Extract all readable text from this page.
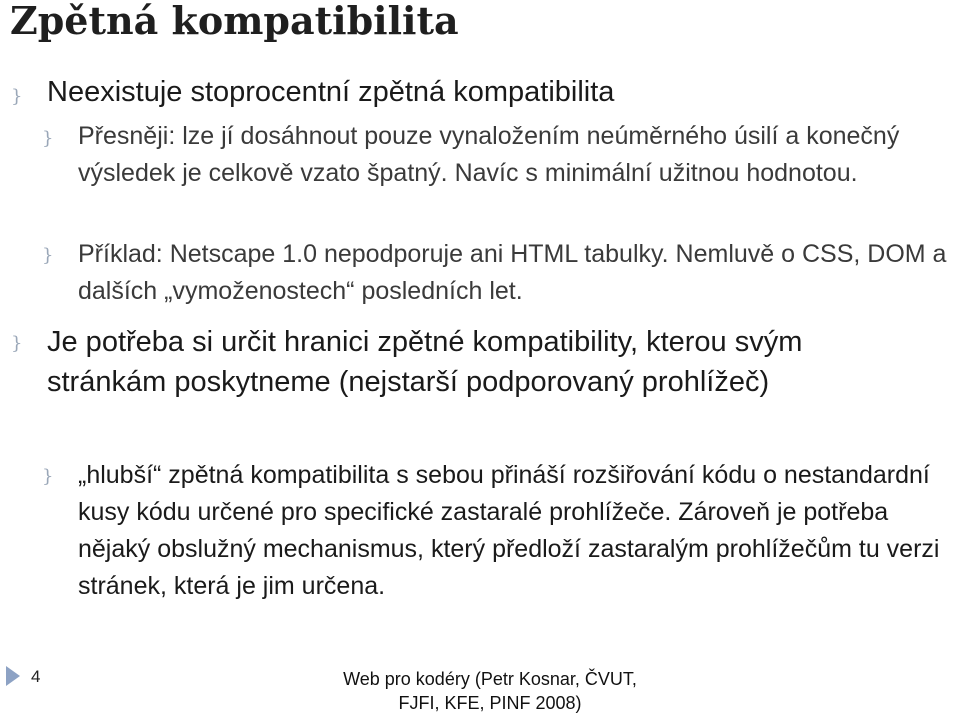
Zpětná kompatibilita
} Neexistuje stoprocentní zpětná kompatibilita
} Přesněji: lze jí dosáhnout pouze vynaložením neúměrného úsilí a konečný výsledek je celkově vzato špatný. Navíc s minimální užitnou hodnotou.
} Příklad: Netscape 1.0 nepodporuje ani HTML tabulky. Nemluvě o CSS, DOM a dalších „vymoženostech“ posledních let.
} Je potřeba si určit hranici zpětné kompatibility, kterou svým stránkám poskytneme (nejstarší podporovaný prohlížeč)
} „hlubší“ zpětná kompatibilita s sebou přináší rozšiřování kódu o nestandardní kusy kódu určené pro specifické zastaralé prohlížeče. Zároveň je potřeba nějaký obslužný mechanismus, který předloží zastaralým prohlížečům tu verzi stránek, která je jim určena.
4	Web pro kodéry (Petr Kosnar, ČVUT,
FJFI, KFE, PINF 2008)
